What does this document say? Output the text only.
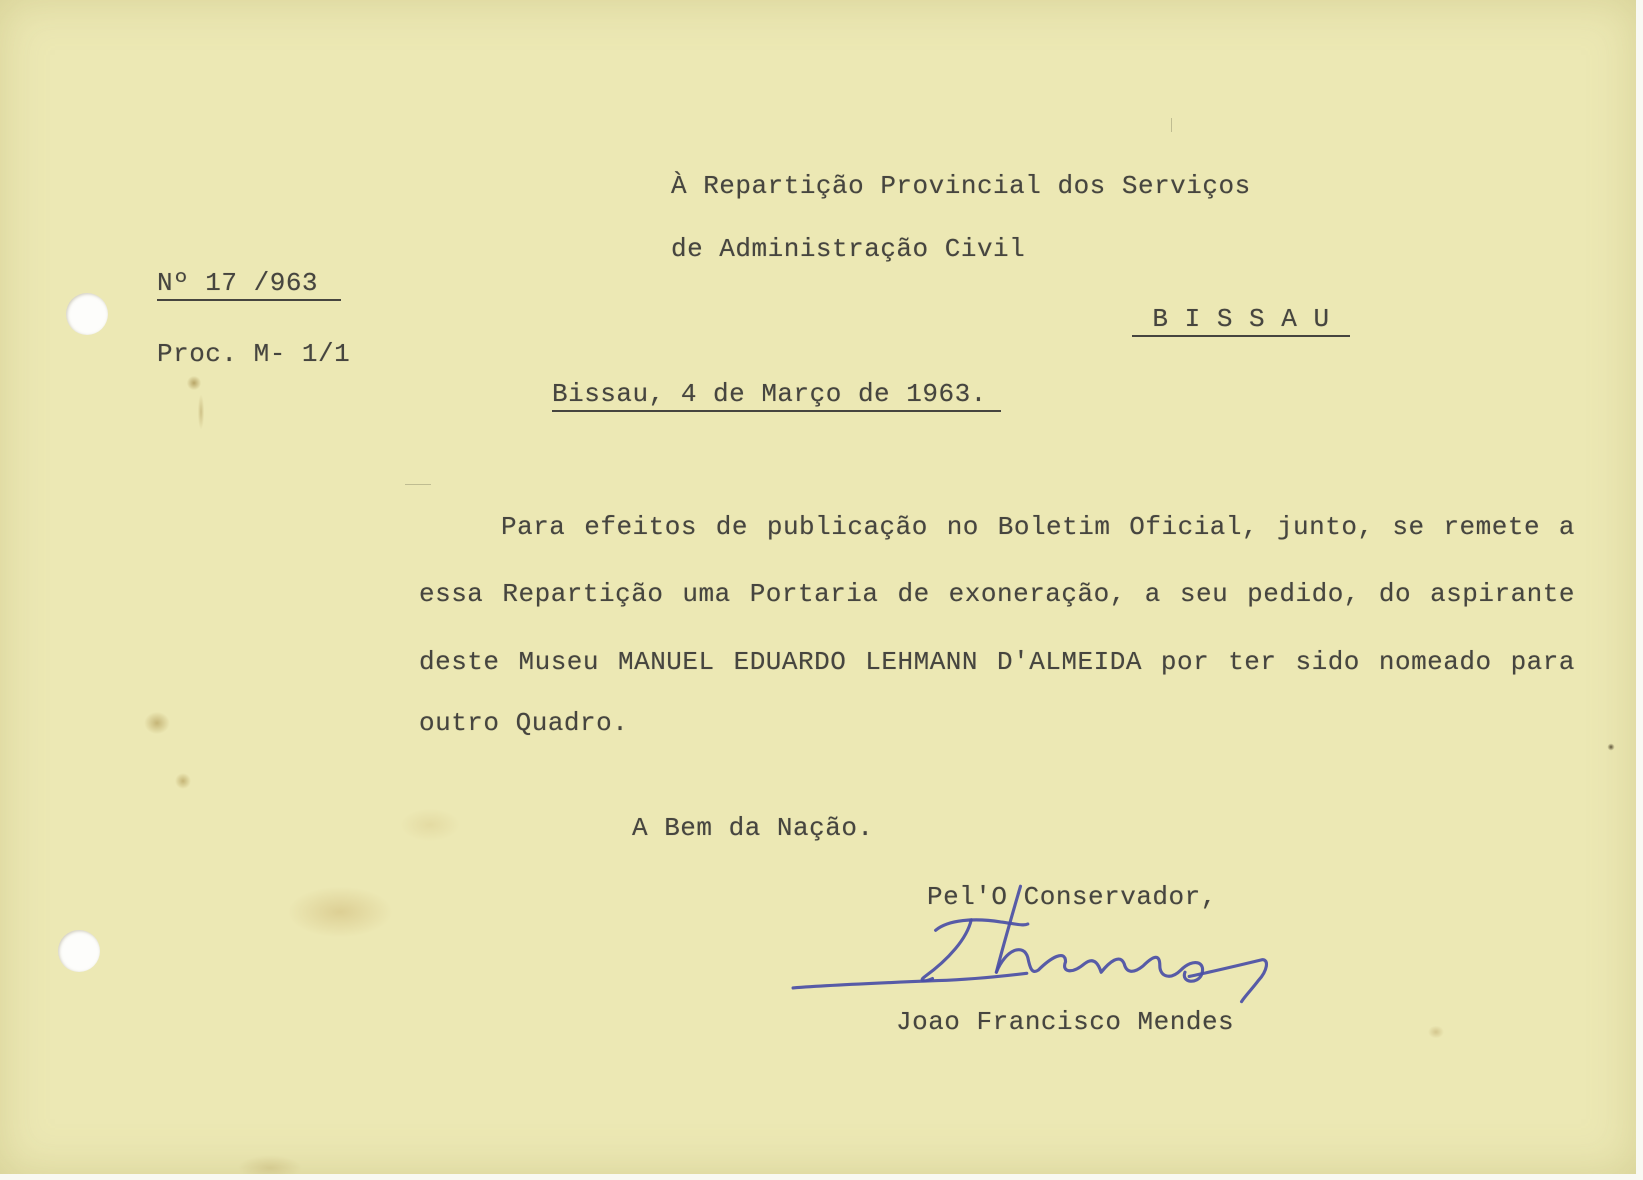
À Repartição Provincial dos Serviços
de Administração Civil
Nº 17 /963
Proc. M- 1/1
B I S S A U
Bissau, 4 de Março de 1963.
Para efeitos de publicação no Boletim Oficial, junto, se remete a
essa Repartição uma Portaria de exoneração, a seu pedido, do aspirante
deste Museu MANUEL EDUARDO LEHMANN D'ALMEIDA por ter sido nomeado para
outro Quadro.
A Bem da Nação.
Pel'O Conservador,
Joao Francisco Mendes
